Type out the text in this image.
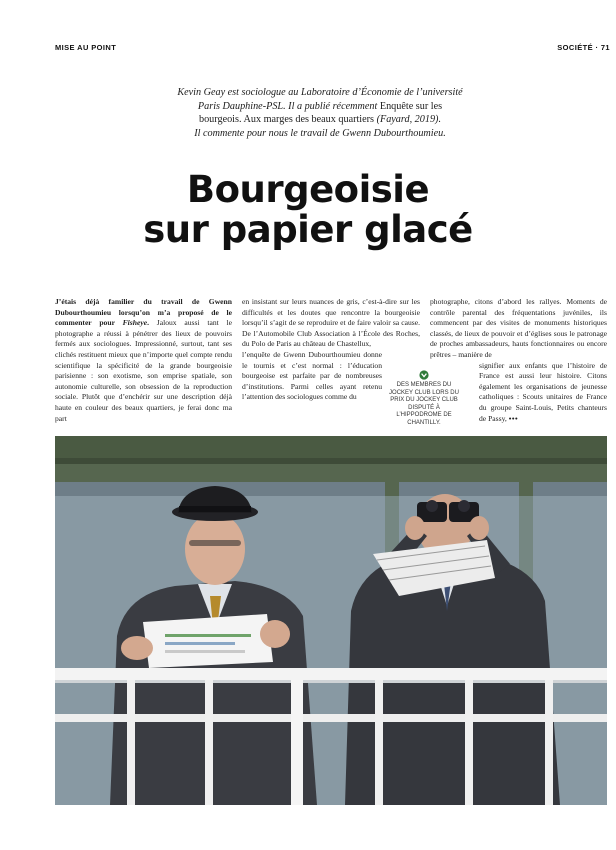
MISE AU POINT	SOCIÉTÉ · 71
Kevin Geay est sociologue au Laboratoire d’Économie de l’université
Paris Dauphine-PSL. Il a publié récemment Enquête sur les
bourgeois. Aux marges des beaux quartiers (Fayard, 2019).
Il commente pour nous le travail de Gwenn Dubourthoumieu.
Bourgeoisie
sur papier glacé

J’étais déjà familier du travail de Gwenn Dubourthoumieu lorsqu’on m’a proposé de le commenter pour Fisheye. Jaloux aussi tant le photographe a réussi à pénétrer des lieux de pouvoirs fermés aux sociologues. Impressionné, surtout, tant ses clichés restituent mieux que n’importe quel compte rendu scientifique la spécificité de la grande bourgeoisie parisienne : son exotisme, son emprise spatiale, son autonomie culturelle, son obsession de la reproduction sociale. Plutôt que d’enchérir sur une description déjà haute en couleur des beaux quartiers, je ferai donc ma part

en insistant sur leurs nuances de gris, c’est-à-dire sur les difficultés et les doutes que rencontre la bourgeoisie lorsqu’il s’agit de se reproduire et de faire valoir sa cause. De l’Automobile Club Association à l’École des Roches, du Polo de Paris au château de Chastellux,

l’enquête de Gwenn Dubourthoumieu donne le tournis et c’est normal : l’éducation bourgeoise est parfaite par de nombreuses d’institutions. Parmi celles ayant retenu l’attention des sociologues comme du

photographe, citons d’abord les rallyes. Moments de contrôle parental des fréquentations juvéniles, ils commencent par des visites de monuments historiques classés, de lieux de pouvoir et d’églises sous le patronage de proches ambassadeurs, hauts fonctionnaires ou encore prêtres – manière de

signifier aux enfants que l’histoire de France est aussi leur histoire. Citons également les organisations de jeunesse catholiques : Scouts unitaires de France du groupe Saint-Louis, Petits chanteurs de Passy, •••

DES MEMBRES DU JOCKEY CLUB LORS DU PRIX DU JOCKEY CLUB DISPUTÉ À L’HIPPODROME DE CHANTILLY.
